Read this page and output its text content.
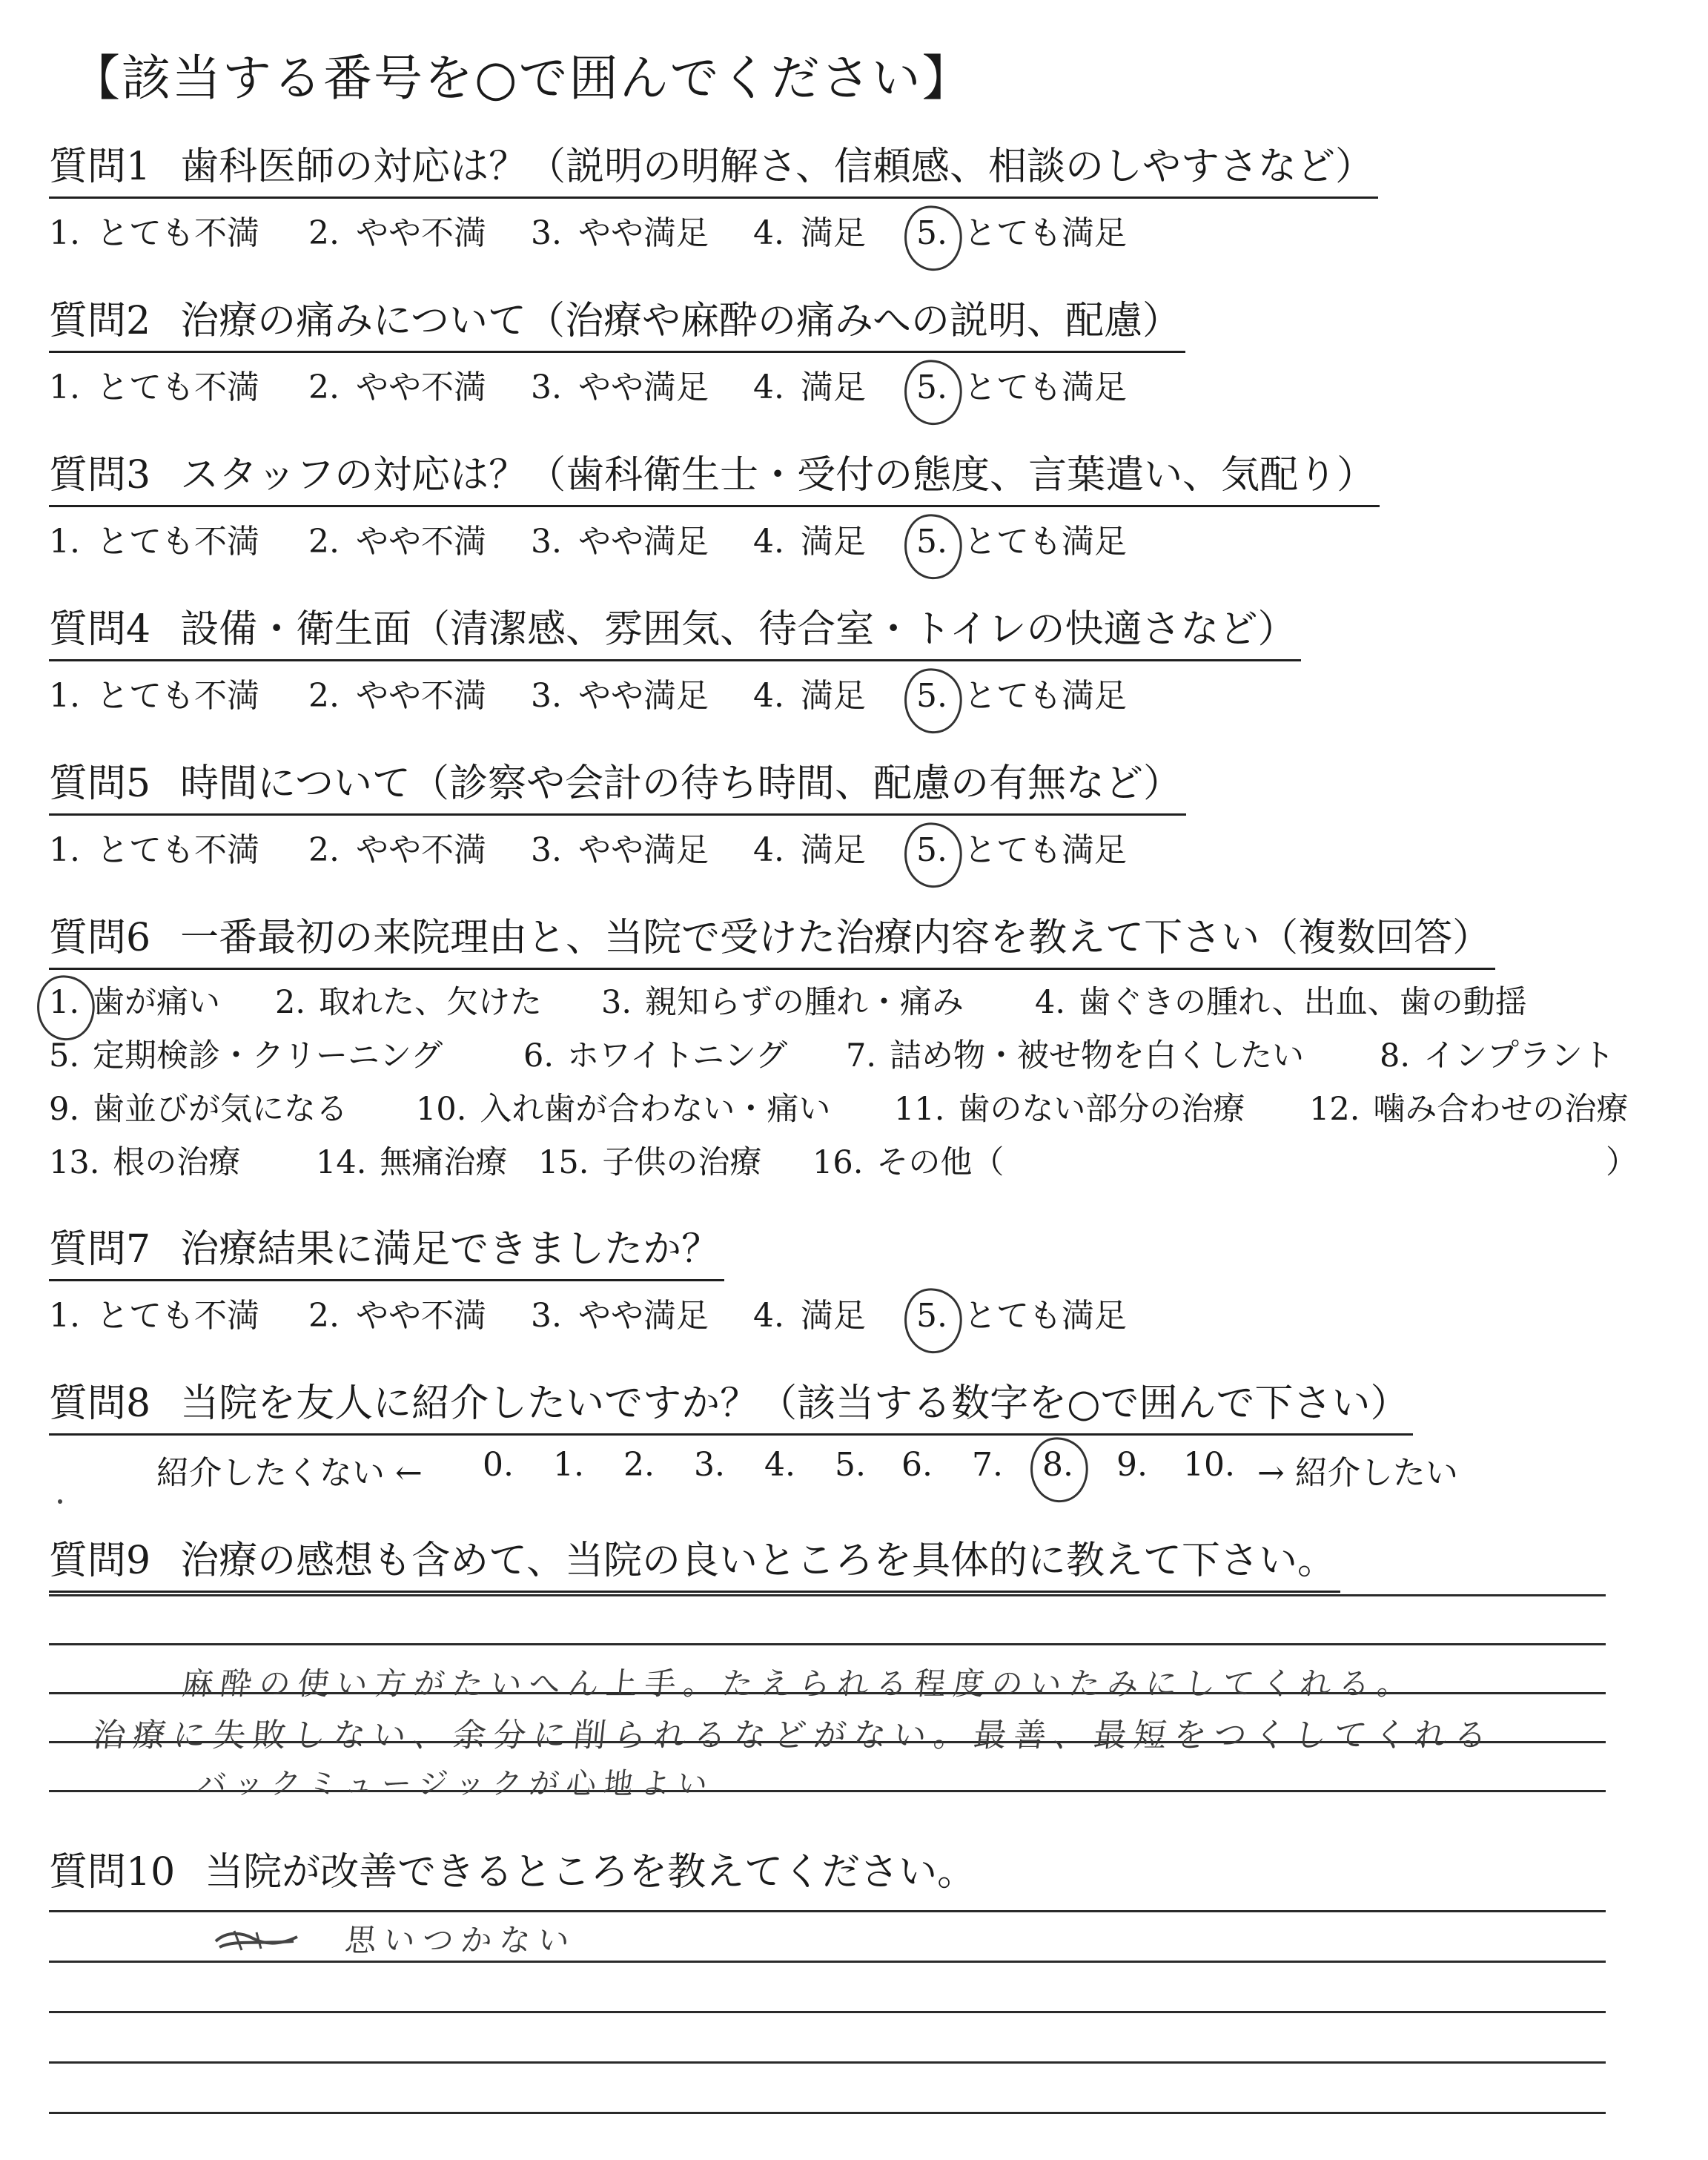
【該当する番号を○で囲んでください】
質問1 歯科医師の対応は？（説明の明解さ、信頼感、相談のしやすさなど）
1. とても不満 2. やや不満 3. やや満足 4. 満足 5. とても満足
質問2 治療の痛みについて（治療や麻酔の痛みへの説明、配慮）
1. とても不満 2. やや不満 3. やや満足 4. 満足 5. とても満足
質問3 スタッフの対応は？（歯科衛生士・受付の態度、言葉遣い、気配り）
1. とても不満 2. やや不満 3. やや満足 4. 満足 5. とても満足
質問4 設備・衛生面（清潔感、雰囲気、待合室・トイレの快適さなど）
1. とても不満 2. やや不満 3. やや満足 4. 満足 5. とても満足
質問5 時間について（診察や会計の待ち時間、配慮の有無など）
1. とても不満 2. やや不満 3. やや満足 4. 満足 5. とても満足
質問6 一番最初の来院理由と、当院で受けた治療内容を教えて下さい（複数回答）
1. 歯が痛い 2. 取れた、欠けた 3. 親知らずの腫れ・痛み 4. 歯ぐきの腫れ、出血、歯の動揺
5. 定期検診・クリーニング	6. ホワイトニング 7. 詰め物・被せ物を白くしたい 8. インプラント
9. 歯並びが気になる 10. 入れ歯が合わない・痛い 11. 歯のない部分の治療 12. 噛み合わせの治療
13. 根の治療 14. 無痛治療 15. 子供の治療 16. その他（	）
質問7 治療結果に満足できましたか？
1. とても不満 2. やや不満 3. やや満足 4. 満足 5. とても満足
質問8 当院を友人に紹介したいですか？（該当する数字を○で囲んで下さい）
紹介したくない ← 0. 1. 2. 3. 4. 5. 6. 7. 8. 9. 10. → 紹介したい
質問9 治療の感想も含めて、当院の良いところを具体的に教えて下さい。
麻酔の使い方がたいへん上手。たえられる程度のいたみにしてくれる。
治療に失敗しない、余分に削られるなどがない。最善、最短をつくしてくれる
バックミュージックが心地よい
質問10 当院が改善できるところを教えてください。
思いつかない
